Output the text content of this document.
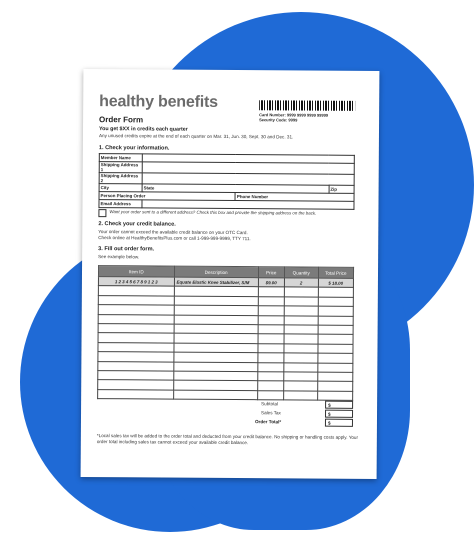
healthy benefits
Card Number: 9999 9999 9999 99999
Security Code: 9999
Order Form
You get $XX in credits each quarter
Any unused credits expire at the end of each quarter on Mar. 31, Jun. 30, Sept. 30 and Dec. 31.
1. Check your information.
Member Name			
Shipping Address 1			
Shipping Address 2			
City	State		Zip
Person Placing Order		Phone Number	
Email Address			
Want your order sent to a different address? Check this box and provide the shipping address on the back.
2. Check your credit balance.
Your order cannot exceed the available credit balance on your OTC Card.
Check online at HealthyBenefitsPlus.com or call 1-999-999-9999, TTY 711.
3. Fill out order form.
See example below.
Item ID	Description	Price	Quantity	Total Price
1 2 3 4 5 6 7 8 9 1 2 3	Equate Elastic Knee Stabilizer, S/M	$9.00	2	$ 18.00

Subtotal	$
Sales Tax	$
Order Total*	$
*Local sales tax will be added to the order total and deducted from your credit balance. No shipping or handling costs apply. Your order total including sales tax cannot exceed your available credit balance.
